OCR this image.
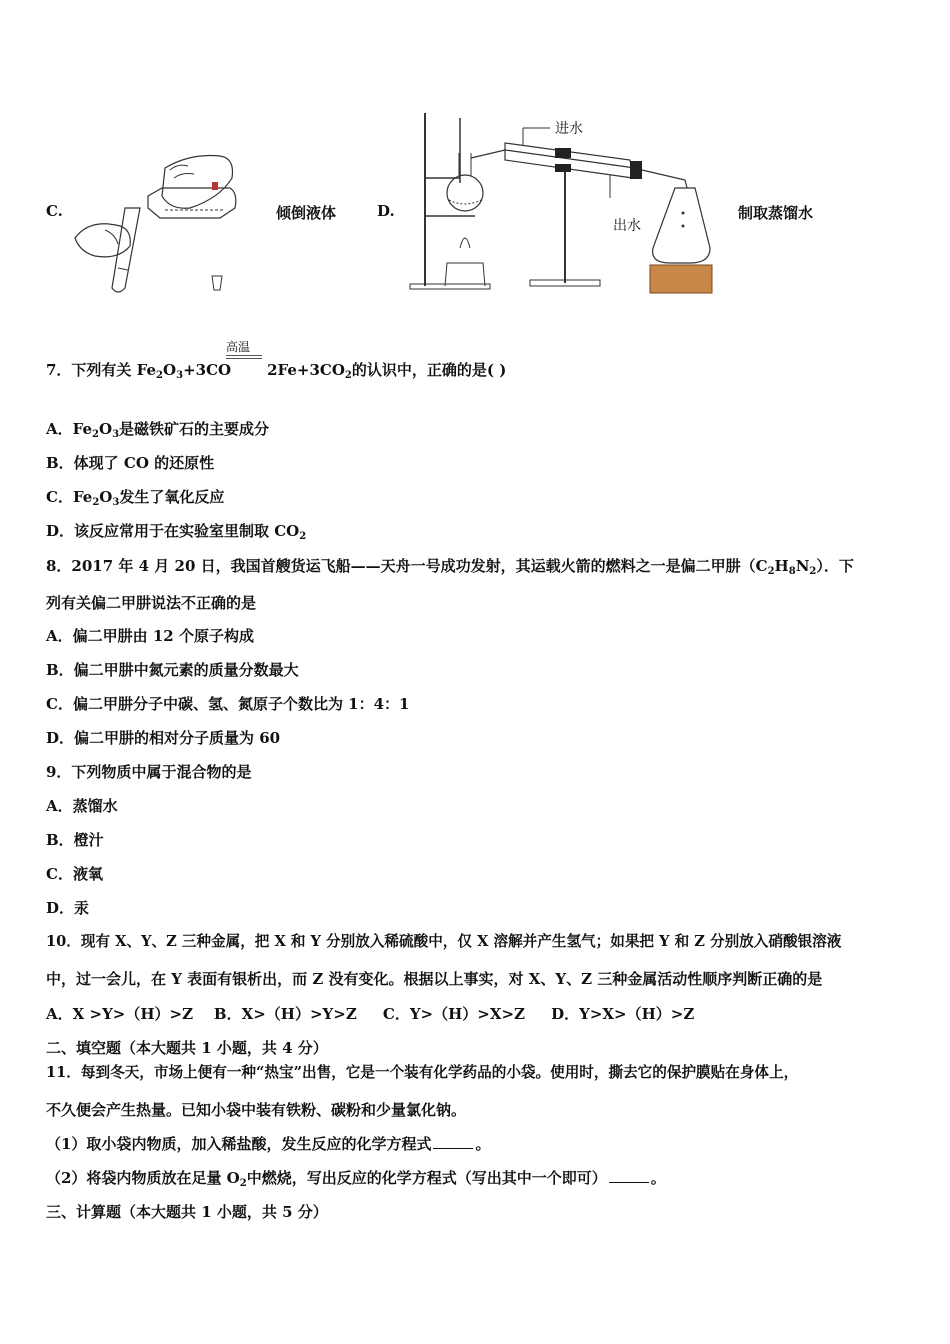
C.	倾倒液体	D.
进水
出水
制取蒸馏水
高温
7．下列有关 $Fe_2O_3+3CO$ $2Fe+3CO_2$的认识中，正确的是( )
A．$Fe_2O_3$是磁铁矿石的主要成分
B．体现了 CO 的还原性
C．$Fe_2O_3$发生了氧化反应
D．该反应常用于在实验室里制取 $CO_2$
8．2017 年 4 月 20 日，我国首艘货运飞船——天舟一号成功发射，其运载火箭的燃料之一是偏二甲肼$(C_2H_8N_2)$．下
列有关偏二甲肼说法不正确的是
A．偏二甲肼由 12 个原子构成
B．偏二甲肼中氮元素的质量分数最大
C．偏二甲肼分子中碳、氢、氮原子个数比为 1：4：1
D．偏二甲肼的相对分子质量为 60
9．下列物质中属于混合物的是
A．蒸馏水
B．橙汁
C．液氧
D．汞
10．现有 X、Y、Z 三种金属，把 X 和 Y 分别放入稀硫酸中，仅 X 溶解并产生氢气；如果把 Y 和 Z 分别放入硝酸银溶液
中，过一会儿，在 Y 表面有银析出，而 Z 没有变化。根据以上事实，对 X、Y、Z 三种金属活动性顺序判断正确的是
A．X >Y>（H）>Z    B．X>（H）>Y>Z     C．Y>（H）>X>Z     D．Y>X>（H）>Z
二、填空题（本大题共 1 小题，共 4 分）
11．每到冬天，市场上便有一种“热宝”出售，它是一个装有化学药品的小袋。使用时，撕去它的保护膜贴在身体上，
不久便会产生热量。已知小袋中装有铁粉、碳粉和少量氯化钠。
（1）取小袋内物质，加入稀盐酸，发生反应的化学方程式	。
（2）将袋内物质放在足量 $O_2$中燃烧，写出反应的化学方程式（写出其中一个即可）	。
三、计算题（本大题共 1 小题，共 5 分）
